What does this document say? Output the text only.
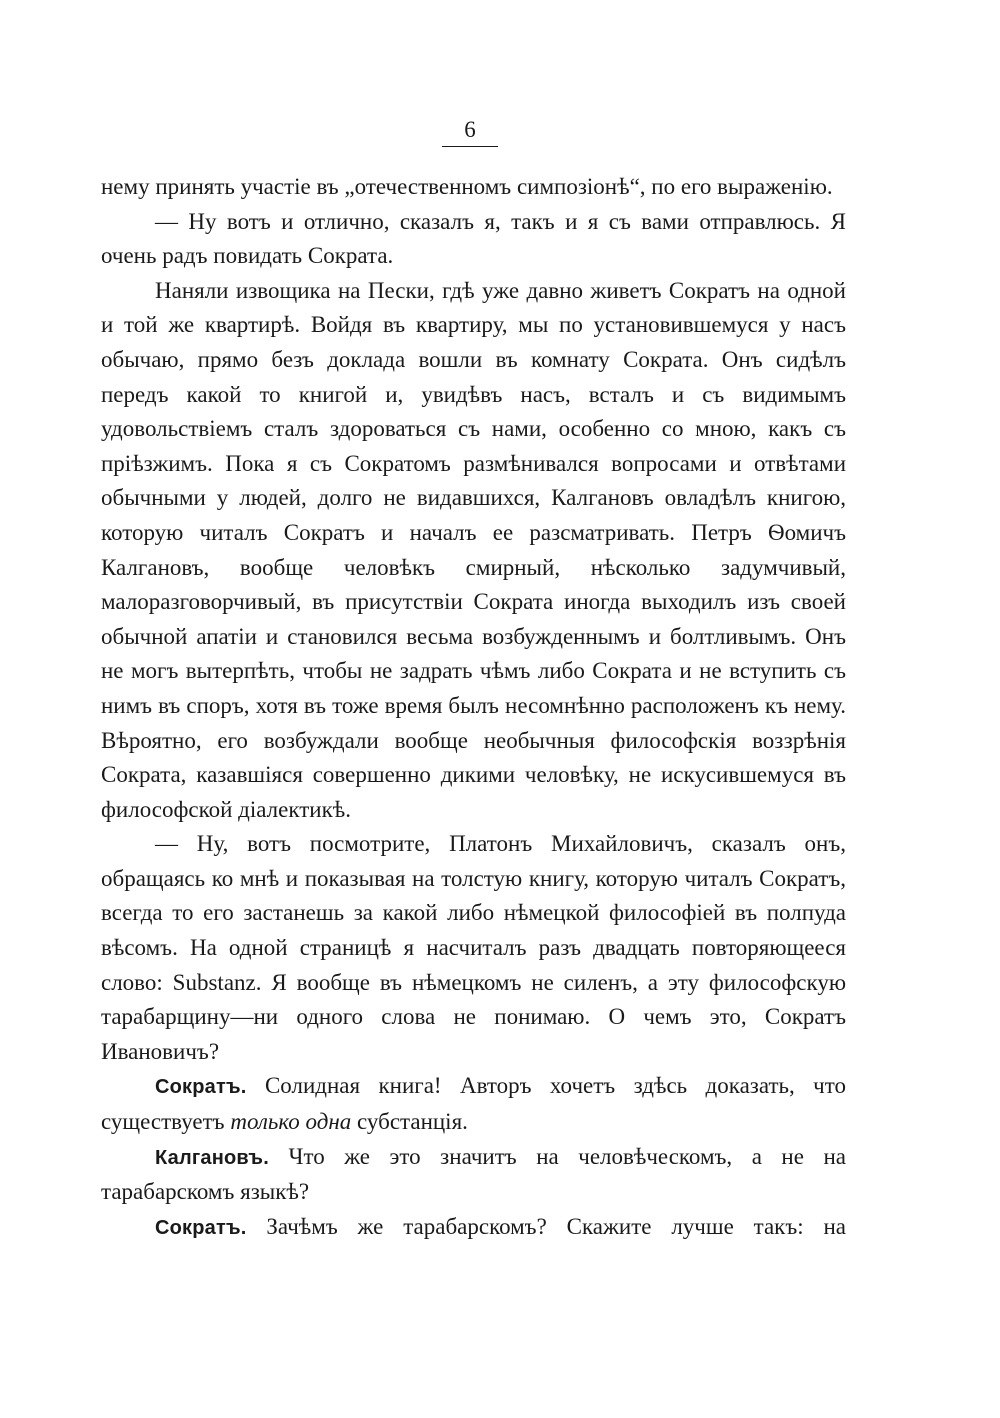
6

нему принять участіе въ „отечественномъ симпозіонѣ“, по его выраженію.

— Ну вотъ и отлично, сказалъ я, такъ и я съ вами отправлюсь. Я очень радъ повидать Сократа.

Наняли извощика на Пески, гдѣ уже давно живетъ Сократъ на одной и той же квартирѣ. Войдя въ квартиру, мы по установившемуся у насъ обычаю, прямо безъ доклада вошли въ комнату Сократа. Онъ сидѣлъ передъ какой то книгой и, увидѣвъ насъ, всталъ и съ видимымъ удовольствіемъ сталъ здороваться съ нами, особенно со мною, какъ съ пріѣзжимъ. Пока я съ Сократомъ размѣнивался вопросами и отвѣтами обычными у людей, долго не видавшихся, Калгановъ овладѣлъ книгою, которую читалъ Сократъ и началъ ее разсматривать. Петръ Ѳомичъ Калгановъ, вообще человѣкъ смирный, нѣсколько задумчивый, малоразговорчивый, въ присутствіи Сократа иногда выходилъ изъ своей обычной апатіи и становился весьма возбужденнымъ и болтливымъ. Онъ не могъ вытерпѣть, чтобы не задрать чѣмъ либо Сократа и не вступить съ нимъ въ споръ, хотя въ тоже время былъ несомнѣнно расположенъ къ нему. Вѣроятно, его возбуждали вообще необычныя философскія воззрѣнія Сократа, казавшіяся совершенно дикими человѣку, не искусившемуся въ философской діалектикѣ.

— Ну, вотъ посмотрите, Платонъ Михайловичъ, сказалъ онъ, обращаясь ко мнѣ и показывая на толстую книгу, которую читалъ Сократъ, всегда то его застанешь за какой либо нѣмецкой философіей въ полпуда вѣсомъ. На одной страницѣ я насчиталъ разъ двадцать повторяющееся слово: Substanz. Я вообще въ нѣмецкомъ не силенъ, а эту философскую тарабарщину—ни одного слова не понимаю. О чемъ это, Сократъ Ивановичъ?

Сократъ. Солидная книга! Авторъ хочетъ здѣсь доказать, что существуетъ только одна субстанція.

Калгановъ. Что же это значитъ на человѣческомъ, а не на тарабарскомъ языкѣ?

Сократъ. Зачѣмъ же тарабарскомъ? Скажите лучше такъ: на
